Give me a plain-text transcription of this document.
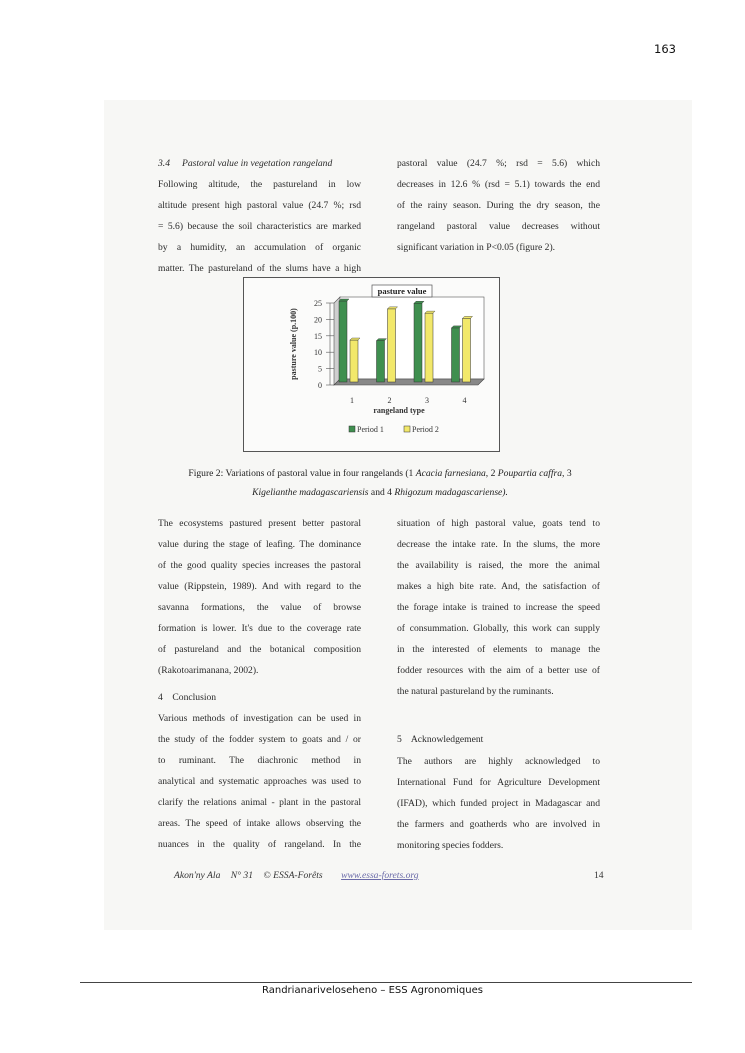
163
3.4 Pastoral value in vegetation rangeland
Following altitude, the pastureland in low
altitude present high pastoral value (24.7 %; rsd
= 5.6) because the soil characteristics are marked
by a humidity, an accumulation of organic
matter. The pastureland of the slums have a high
pastoral value (24.7 %; rsd = 5.6) which
decreases in 12.6 % (rsd = 5.1) towards the end
of the rainy season. During the dry season, the
rangeland pastoral value decreases without
significant variation in P<0.05 (figure 2).
0
5
10
15
20
25
pasture value (p.100)
1	2	3	4
rangeland type
pasture value
Period 1	Period 2
Figure 2: Variations of pastoral value in four rangelands (1 Acacia farnesiana, 2 Poupartia caffra, 3
Kigelianthe madagascariensis and 4 Rhigozum madagascariense).
The ecosystems pastured present better pastoral
value during the stage of leafing. The dominance
of the good quality species increases the pastoral
value (Rippstein, 1989). And with regard to the
savanna formations, the value of browse
formation is lower. It's due to the coverage rate
of pastureland and the botanical composition
(Rakotoarimanana, 2002).
situation of high pastoral value, goats tend to
decrease the intake rate. In the slums, the more
the availability is raised, the more the animal
makes a high bite rate. And, the satisfaction of
the forage intake is trained to increase the speed
of consummation. Globally, this work can supply
in the interested of elements to manage the
fodder resources with the aim of a better use of
the natural pastureland by the ruminants.
4    Conclusion
Various methods of investigation can be used in
the study of the fodder system to goats and / or
to ruminant. The diachronic method in
analytical and systematic approaches was used to
clarify the relations animal - plant in the pastoral
areas. The speed of intake allows observing the
nuances in the quality of rangeland. In the
5    Acknowledgement
The authors are highly acknowledged to
International Fund for Agriculture Development
(IFAD), which funded project in Madagascar and
the farmers and goatherds who are involved in
monitoring species fodders.
Akon'ny Ala N° 31 © ESSA-Forêts www.essa-forets.org	14
Randrianariveloseheno – ESS Agronomiques
